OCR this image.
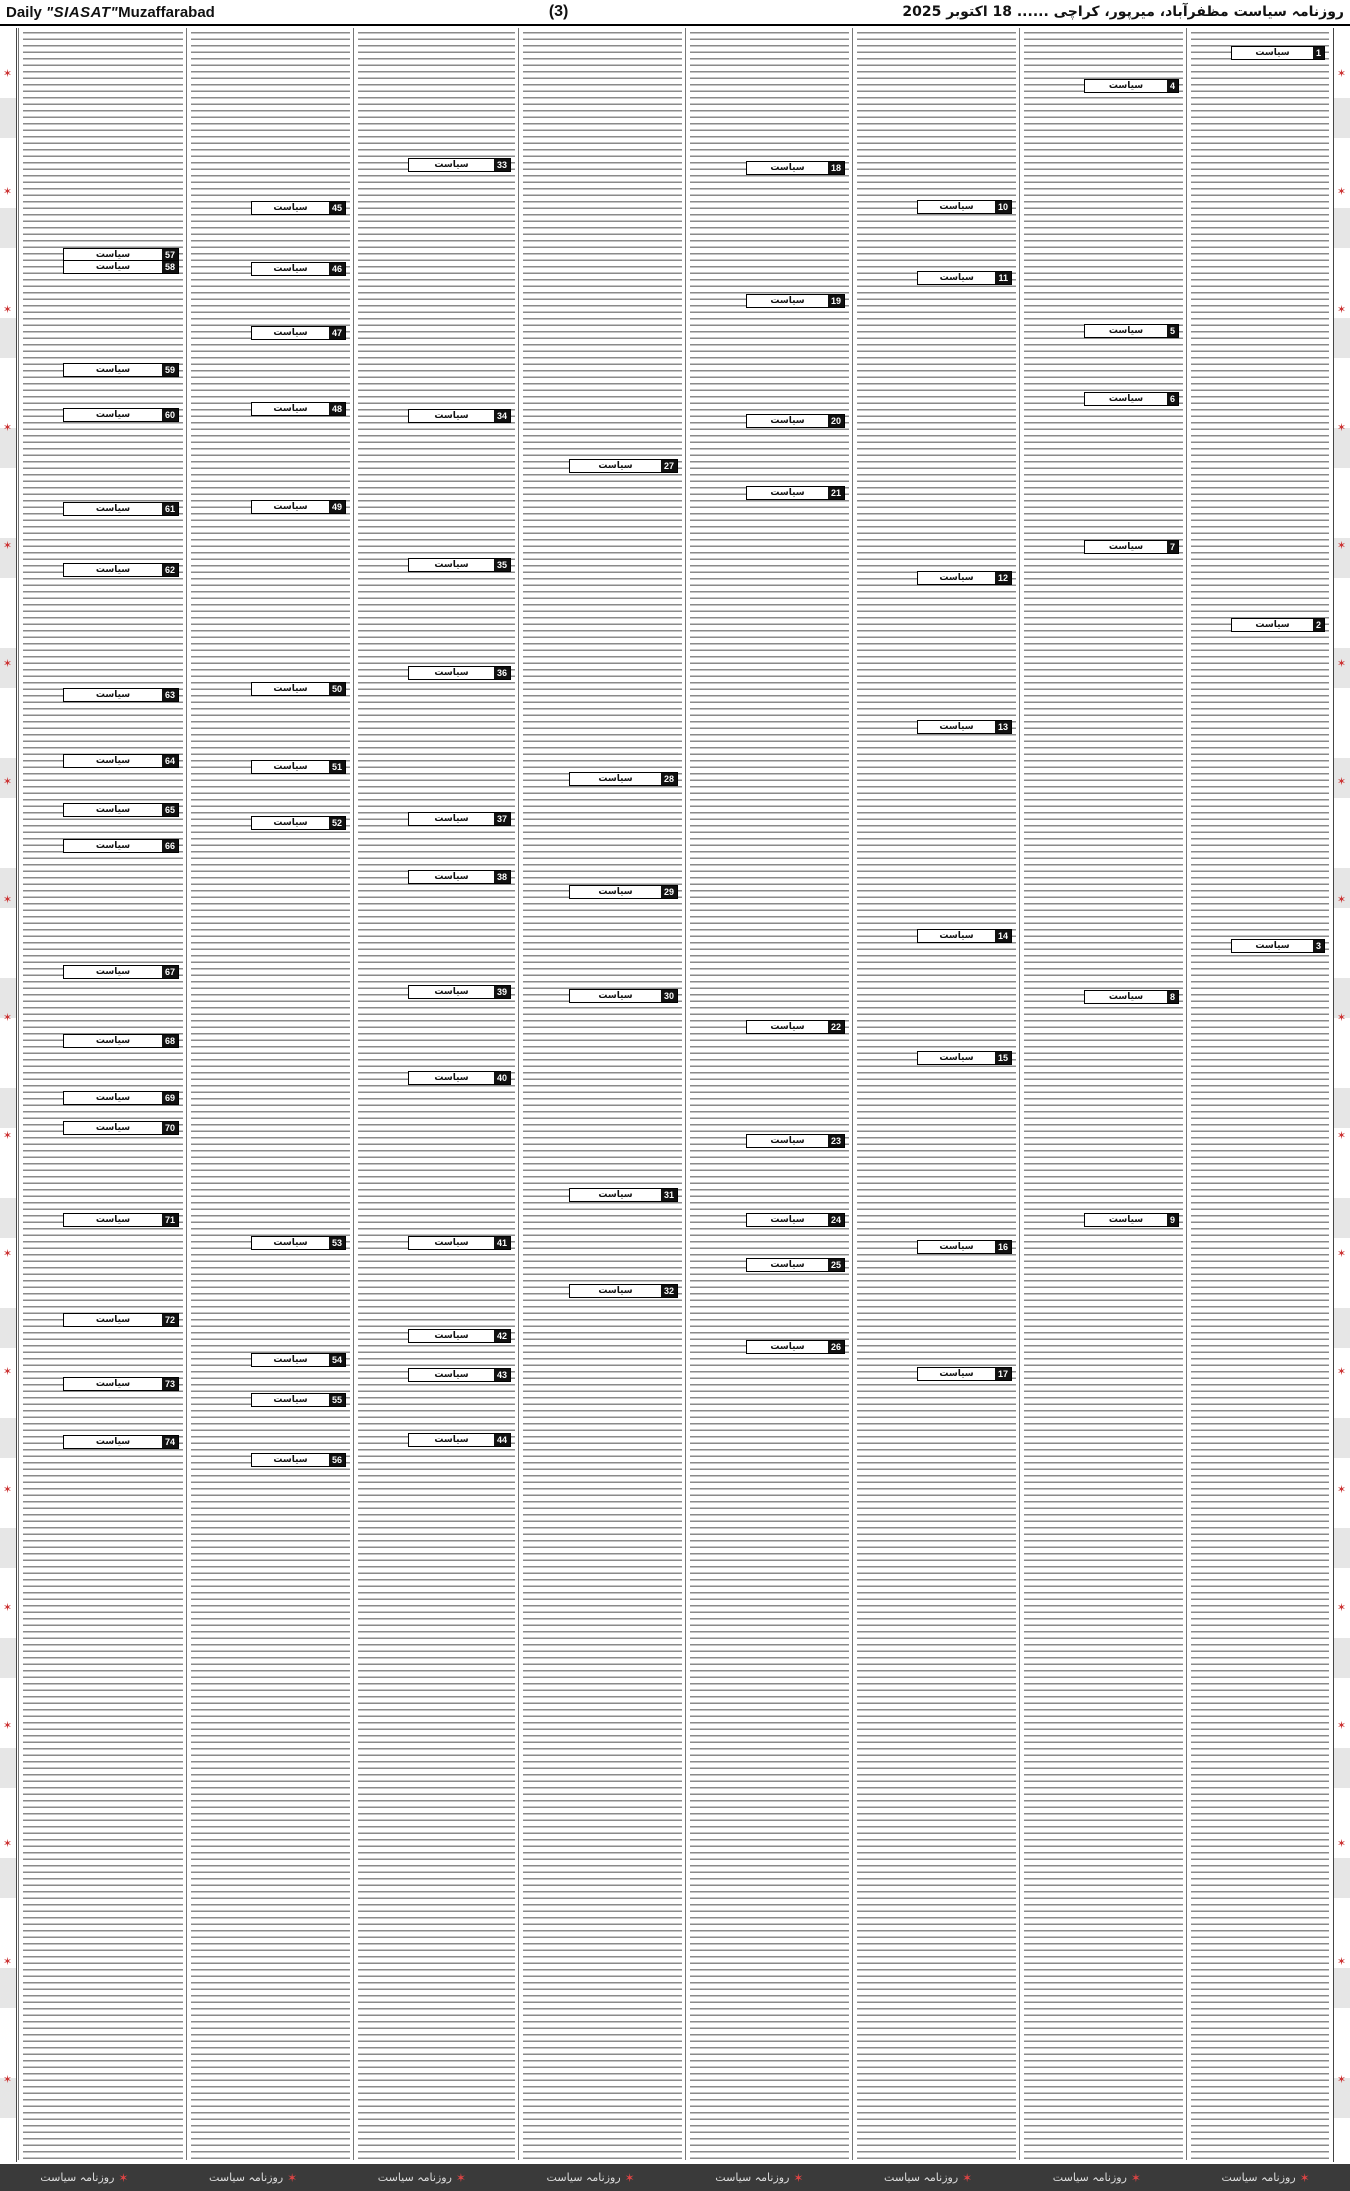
Daily "SIASAT"Muzaffarabad	(3)	روزنامہ سیاست مظفرآباد، میرپور، کراچی ...... 18 اکتوبر 2025
✶
✶
✶
✶
✶
✶
✶
✶
✶
✶
✶
✶
✶
✶
✶
✶
✶
✶
✶
✶
✶
✶
✶
✶
✶
✶
✶
✶
✶
✶
✶
✶
✶
✶
✶
✶
سیاست	57
سیاست	58
سیاست	59
سیاست	60
سیاست	61
سیاست	62
سیاست	63
سیاست	64
سیاست	65
سیاست	66
سیاست	67
سیاست	68
سیاست	69
سیاست	70
سیاست	71
سیاست	72
سیاست	73
سیاست	74
سیاست	45
سیاست	46
سیاست	47
سیاست	48
سیاست	49
سیاست	50
سیاست	51
سیاست	52
سیاست	53
سیاست	54
سیاست	55
سیاست	56
سیاست	33
سیاست	34
سیاست	35
سیاست	36
سیاست	37
سیاست	38
سیاست	39
سیاست	40
سیاست	41
سیاست	42
سیاست	43
سیاست	44
سیاست	27
سیاست	28
سیاست	29
سیاست	30
سیاست	31
سیاست	32
سیاست	18
سیاست	19
سیاست	20
سیاست	21
سیاست	22
سیاست	23
سیاست	24
سیاست	25
سیاست	26
سیاست	10
سیاست	11
سیاست	12
سیاست	13
سیاست	14
سیاست	15
سیاست	16
سیاست	17
سیاست	4
سیاست	5
سیاست	6
سیاست	7
سیاست	8
سیاست	9
سیاست	1
سیاست	2
سیاست	3
✶
روزنامہ سیاست	✶
روزنامہ سیاست	✶
روزنامہ سیاست	✶
روزنامہ سیاست	✶
روزنامہ سیاست	✶
روزنامہ سیاست	✶
روزنامہ سیاست	✶
روزنامہ سیاست
